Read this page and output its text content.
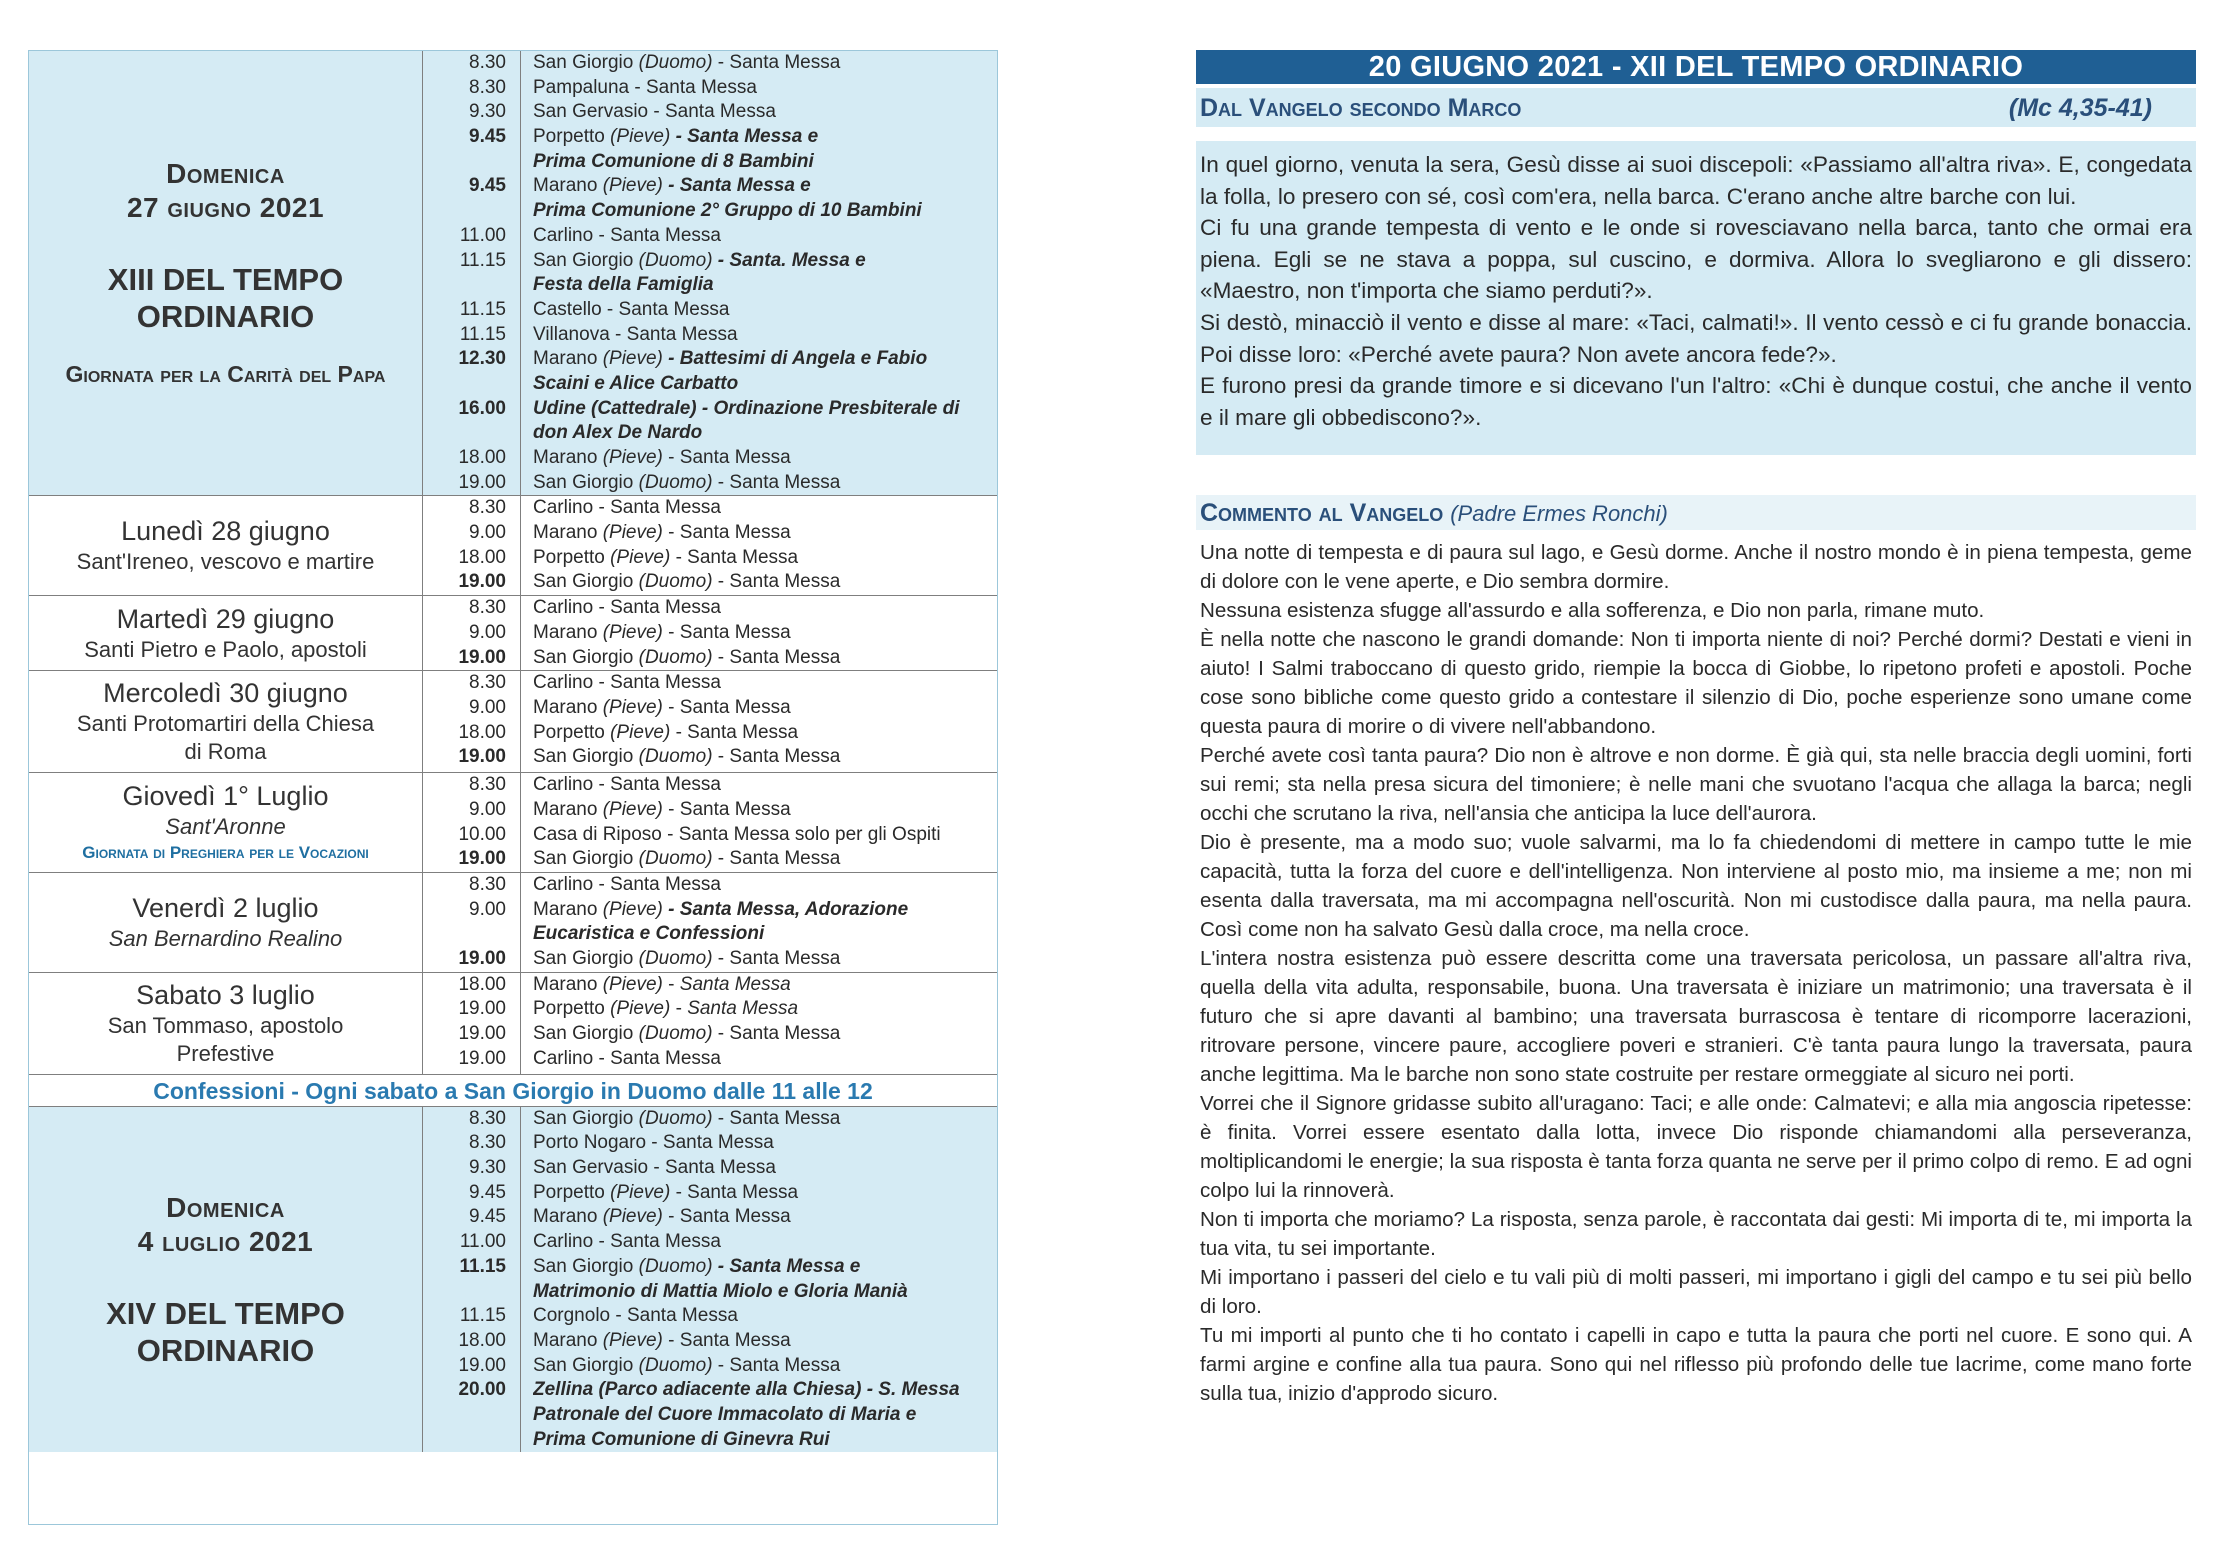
Domenica
27 giugno 2021
XIII DEL TEMPO
ORDINARIO
Giornata per la Carità del Papa
8.30
8.30
9.30
9.45
9.45
11.00
11.15
11.15
11.15
12.30
16.00
18.00
19.00
San Giorgio (Duomo) - Santa Messa
Pampaluna - Santa Messa
San Gervasio - Santa Messa
Porpetto (Pieve) - Santa Messa e
Prima Comunione di 8 Bambini
Marano (Pieve) - Santa Messa e
Prima Comunione 2° Gruppo di 10 Bambini
Carlino - Santa Messa
San Giorgio (Duomo) - Santa. Messa e
Festa della Famiglia
Castello - Santa Messa
Villanova - Santa Messa
Marano (Pieve) - Battesimi di Angela e Fabio
Scaini e Alice Carbatto
Udine (Cattedrale) - Ordinazione Presbiterale di
don Alex De Nardo
Marano (Pieve) - Santa Messa
San Giorgio (Duomo) - Santa Messa
Lunedì 28 giugno
Sant'Ireneo, vescovo e martire
8.30
9.00
18.00
19.00
Carlino - Santa Messa
Marano (Pieve) - Santa Messa
Porpetto (Pieve) - Santa Messa
San Giorgio (Duomo) - Santa Messa
Martedì 29 giugno
Santi Pietro e Paolo, apostoli
8.30
9.00
19.00
Carlino - Santa Messa
Marano (Pieve) - Santa Messa
San Giorgio (Duomo) - Santa Messa
Mercoledì 30 giugno
Santi Protomartiri della Chiesa
di Roma
8.30
9.00
18.00
19.00
Carlino - Santa Messa
Marano (Pieve) - Santa Messa
Porpetto (Pieve) - Santa Messa
San Giorgio (Duomo) - Santa Messa
Giovedì 1° Luglio
Sant'Aronne
Giornata di Preghiera per le Vocazioni
8.30
9.00
10.00
19.00
Carlino - Santa Messa
Marano (Pieve) - Santa Messa
Casa di Riposo - Santa Messa solo per gli Ospiti
San Giorgio (Duomo) - Santa Messa
Venerdì 2 luglio
San Bernardino Realino
8.30
9.00
19.00
Carlino - Santa Messa
Marano (Pieve) - Santa Messa, Adorazione
Eucaristica e Confessioni
San Giorgio (Duomo) - Santa Messa
Sabato 3 luglio
San Tommaso, apostolo
Prefestive
18.00
19.00
19.00
19.00
Marano (Pieve) - Santa Messa
Porpetto (Pieve) - Santa Messa
San Giorgio (Duomo) - Santa Messa
Carlino - Santa Messa
Confessioni - Ogni sabato a San Giorgio in Duomo dalle 11 alle 12
Domenica
4 luglio 2021
XIV DEL TEMPO
ORDINARIO
8.30
8.30
9.30
9.45
9.45
11.00
11.15
11.15
18.00
19.00
20.00
San Giorgio (Duomo) - Santa Messa
Porto Nogaro - Santa Messa
San Gervasio - Santa Messa
Porpetto (Pieve) - Santa Messa
Marano (Pieve) - Santa Messa
Carlino - Santa Messa
San Giorgio (Duomo) - Santa Messa e
Matrimonio di Mattia Miolo e Gloria Manià
Corgnolo - Santa Messa
Marano (Pieve) - Santa Messa
San Giorgio (Duomo) - Santa Messa
Zellina (Parco adiacente alla Chiesa) - S. Messa
Patronale del Cuore Immacolato di Maria e
Prima Comunione di Ginevra Rui
20 GIUGNO 2021 - XII DEL TEMPO ORDINARIO
Dal Vangelo secondo Marco	(Mc 4,35-41)

In quel giorno, venuta la sera, Gesù disse ai suoi discepoli: «Passiamo all'altra riva». E, congedata la folla, lo presero con sé, così com'era, nella barca. C'erano anche altre barche con lui.

Ci fu una grande tempesta di vento e le onde si rovesciavano nella barca, tanto che ormai era piena. Egli se ne stava a poppa, sul cuscino, e dormiva. Allora lo svegliarono e gli dissero: «Maestro, non t'importa che siamo perduti?».

Si destò, minacciò il vento e disse al mare: «Taci, calmati!». Il vento cessò e ci fu grande bonaccia. Poi disse loro: «Perché avete paura? Non avete ancora fede?».

E furono presi da grande timore e si dicevano l'un l'altro: «Chi è dunque costui, che anche il vento e il mare gli obbediscono?».

Commento al Vangelo (Padre Ermes Ronchi)

Una notte di tempesta e di paura sul lago, e Gesù dorme. Anche il nostro mondo è in piena tempesta, geme di dolore con le vene aperte, e Dio sembra dormire.

Nessuna esistenza sfugge all'assurdo e alla sofferenza, e Dio non parla, rimane muto.

È nella notte che nascono le grandi domande: Non ti importa niente di noi? Perché dormi? Destati e vieni in aiuto! I Salmi traboccano di questo grido, riempie la bocca di Giobbe, lo ripetono profeti e apostoli. Poche cose sono bibliche come questo grido a contestare il silenzio di Dio, poche esperienze sono umane come questa paura di morire o di vivere nell'abbandono.

Perché avete così tanta paura? Dio non è altrove e non dorme. È già qui, sta nelle braccia degli uomini, forti sui remi; sta nella presa sicura del timoniere; è nelle mani che svuotano l'acqua che allaga la barca; negli occhi che scrutano la riva, nell'ansia che anticipa la luce dell'aurora.

Dio è presente, ma a modo suo; vuole salvarmi, ma lo fa chiedendomi di mettere in campo tutte le mie capacità, tutta la forza del cuore e dell'intelligenza. Non interviene al posto mio, ma insieme a me; non mi esenta dalla traversata, ma mi accompagna nell'oscurità. Non mi custodisce dalla paura, ma nella paura. Così come non ha salvato Gesù dalla croce, ma nella croce.

L'intera nostra esistenza può essere descritta come una traversata pericolosa, un passare all'altra riva, quella della vita adulta, responsabile, buona. Una traversata è iniziare un matrimonio; una traversata è il futuro che si apre davanti al bambino; una traversata burrascosa è tentare di ricomporre lacerazioni, ritrovare persone, vincere paure, accogliere poveri e stranieri. C'è tanta paura lungo la traversata, paura anche legittima. Ma le barche non sono state costruite per restare ormeggiate al sicuro nei porti.

Vorrei che il Signore gridasse subito all'uragano: Taci; e alle onde: Calmatevi; e alla mia angoscia ripetesse: è finita. Vorrei essere esentato dalla lotta, invece Dio risponde chiamandomi alla perseveranza, moltiplicandomi le energie; la sua risposta è tanta forza quanta ne serve per il primo colpo di remo. E ad ogni colpo lui la rinnoverà.

Non ti importa che moriamo? La risposta, senza parole, è raccontata dai gesti: Mi importa di te, mi importa la tua vita, tu sei importante.

Mi importano i passeri del cielo e tu vali più di molti passeri, mi importano i gigli del campo e tu sei più bello di loro.

Tu mi importi al punto che ti ho contato i capelli in capo e tutta la paura che porti nel cuore. E sono qui. A farmi argine e confine alla tua paura. Sono qui nel riflesso più profondo delle tue lacrime, come mano forte sulla tua, inizio d'approdo sicuro.
